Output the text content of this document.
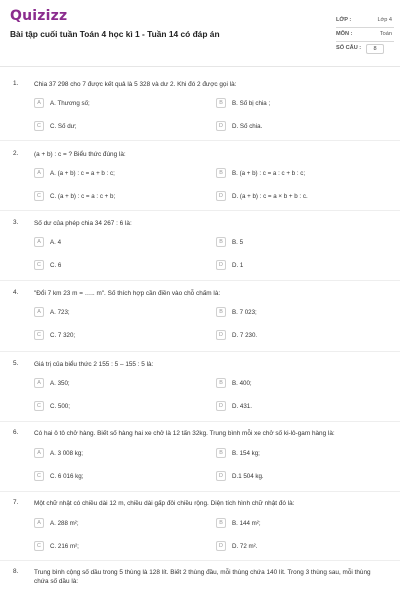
Quizizz
Bài tập cuối tuần Toán 4 học kì 1 - Tuần 14 có đáp án
LỚP :	Lớp 4
MÔN :	Toán
SỐ CÂU :	8
1. Chia 37 298 cho 7 được kết quả là 5 328 và dư 2. Khi đó 2 được gọi là:
A	A. Thương số;	B	B. Số bị chia ;
C	C. Số dư;	D	D. Số chia.
2. (a + b) : c = ? Biểu thức đúng là:
A	A. (a + b) : c = a + b : c;	B	B. (a + b) : c = a : c + b : c;
C	C. (a + b) : c = a : c + b;	D	D. (a + b) : c = a × b + b : c.
3. Số dư của phép chia 34 267 : 6 là:
A	A. 4	B	B. 5
C	C. 6	D	D. 1
4. "Đổi 7 km 23 m = ….. m". Số thích hợp cần điền vào chỗ chấm là:
A	A. 723;	B	B. 7 023;
C	C. 7 320;	D	D. 7 230.
5. Giá trị của biểu thức 2 155 : 5 – 155 : 5 là:
A	A. 350;	B	B. 400;
C	C. 500;	D	D. 431.
6. Có hai ô tô chở hàng. Biết số hàng hai xe chở là 12 tấn 32kg. Trung bình mỗi xe chở số ki-lô-gam hàng là:
A	A. 3 008 kg;	B	B. 154 kg;
C	C. 6 016 kg;	D	D.1 504 kg.
7. Một chữ nhật có chiều dài 12 m, chiều dài gấp đôi chiều rộng. Diện tích hình chữ nhật đó là:
A	A. 288 m²;	B	B. 144 m²;
C	C. 216 m²;	D	D. 72 m².
8. Trung bình cộng số dầu trong 5 thùng là 128 lít. Biết 2 thùng đầu, mỗi thùng chứa 140 lít. Trong 3 thùng sau, mỗi thùng chứa số dầu là:
